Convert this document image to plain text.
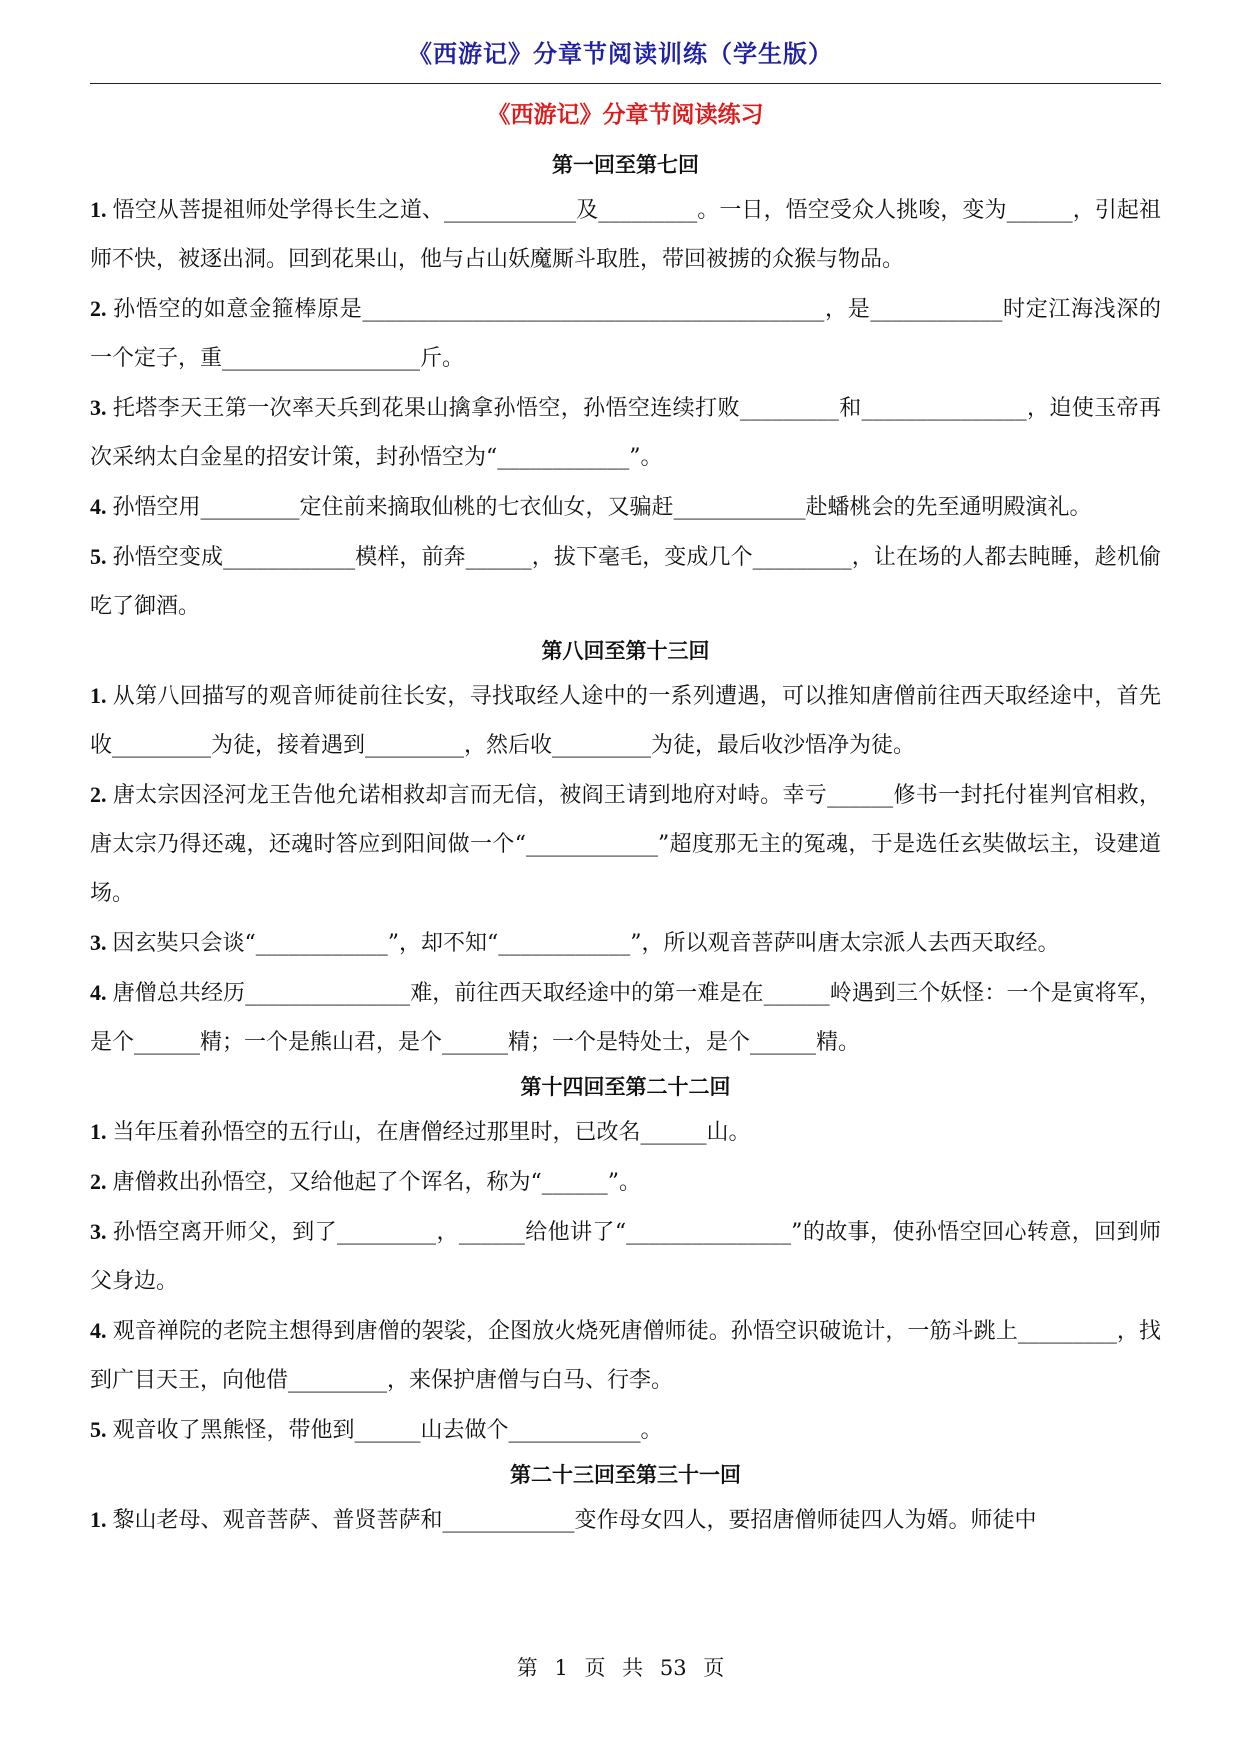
《西游记》分章节阅读训练（学生版）
《西游记》分章节阅读练习
第一回至第七回

1. 悟空从菩提祖师处学得长生之道、____________及_________。一日，悟空受众人挑唆，变为______，引起祖师不快，被逐出洞。回到花果山，他与占山妖魔厮斗取胜，带回被掳的众猴与物品。

2. 孙悟空的如意金箍棒原是__________________________________________，是____________时定江海浅深的一个定子，重__________________斤。

3. 托塔李天王第一次率天兵到花果山擒拿孙悟空，孙悟空连续打败_________和_______________，迫使玉帝再次采纳太白金星的招安计策，封孙悟空为“____________”。

4. 孙悟空用_________定住前来摘取仙桃的七衣仙女，又骗赶____________赴蟠桃会的先至通明殿演礼。

5. 孙悟空变成____________模样，前奔______，拔下毫毛，变成几个_________，让在场的人都去盹睡，趁机偷吃了御酒。

第八回至第十三回

1. 从第八回描写的观音师徒前往长安，寻找取经人途中的一系列遭遇，可以推知唐僧前往西天取经途中，首先收_________为徒，接着遇到_________，然后收_________为徒，最后收沙悟净为徒。

2. 唐太宗因泾河龙王告他允诺相救却言而无信，被阎王请到地府对峙。幸亏______修书一封托付崔判官相救，唐太宗乃得还魂，还魂时答应到阳间做一个“____________”超度那无主的冤魂，于是选任玄奘做坛主，设建道场。

3. 因玄奘只会谈“____________”，却不知“____________”，所以观音菩萨叫唐太宗派人去西天取经。

4. 唐僧总共经历_______________难，前往西天取经途中的第一难是在______岭遇到三个妖怪：一个是寅将军，是个______精；一个是熊山君，是个______精；一个是特处士，是个______精。

第十四回至第二十二回

1. 当年压着孙悟空的五行山，在唐僧经过那里时，已改名______山。

2. 唐僧救出孙悟空，又给他起了个诨名，称为“______”。

3. 孙悟空离开师父，到了_________，______给他讲了“_______________”的故事，使孙悟空回心转意，回到师父身边。

4. 观音禅院的老院主想得到唐僧的袈裟，企图放火烧死唐僧师徒。孙悟空识破诡计，一筋斗跳上_________，找到广目天王，向他借_________，来保护唐僧与白马、行李。

5. 观音收了黑熊怪，带他到______山去做个____________。

第二十三回至第三十一回

1. 黎山老母、观音菩萨、普贤菩萨和____________变作母女四人，要招唐僧师徒四人为婿。师徒中

第 1 页 共 53 页
